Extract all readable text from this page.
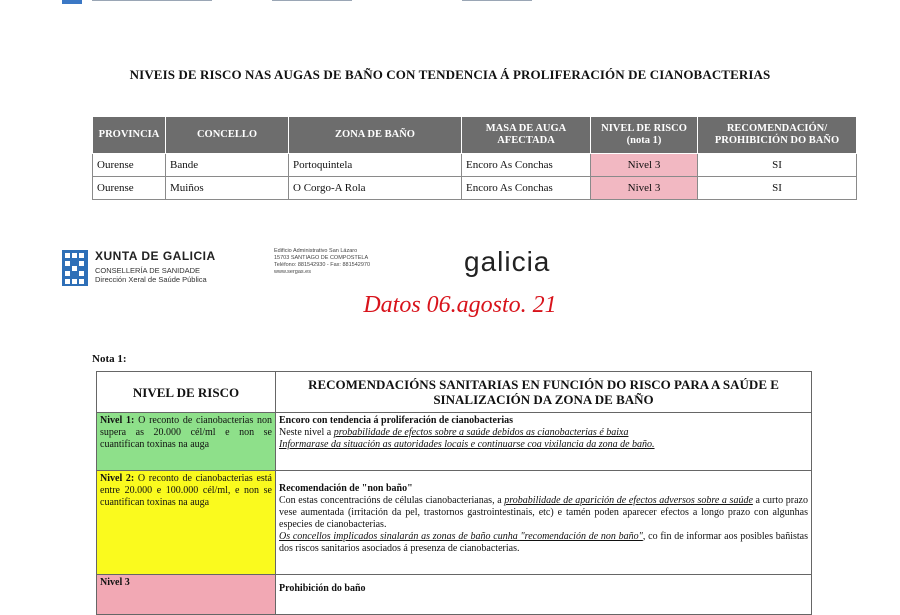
NIVEIS DE RISCO NAS AUGAS DE BAÑO CON TENDENCIA Á PROLIFERACIÓN DE CIANOBACTERIAS
PROVINCIA	CONCELLO	ZONA DE BAÑO	MASA DE AUGA AFECTADA	NIVEL DE RISCO (nota 1)	RECOMENDACIÓN/ PROHIBICIÓN DO BAÑO
Ourense	Bande	Portoquintela	Encoro As Conchas	Nivel 3	SI
Ourense	Muiños	O Corgo-A Rola	Encoro As Conchas	Nivel 3	SI
XUNTA DE GALICIA
CONSELLERÍA DE SANIDADE
Dirección Xeral de Saúde Pública
Edificio Administrativo San Lázaro
15703 SANTIAGO DE COMPOSTELA
Teléfono: 881542930 - Fax: 881542970
www.sergas.es	galicia
Datos 06.agosto. 21
Nota 1:
NIVEL DE RISCO	RECOMENDACIÓNS SANITARIAS EN FUNCIÓN DO RISCO PARA A SAÚDE E SINALIZACIÓN DA ZONA DE BAÑO
Nivel 1: O reconto de cianobacterias non supera as 20.000 cél/ml e non se cuantifican toxinas na auga	Encoro con tendencia á proliferación de cianobacterias
Neste nivel a probabilidade de efectos sobre a saúde debidos as cianobacterias é baixa
Informarase da situación as autoridades locais e continuarse coa vixilancia da zona de baño.
Nivel 2: O reconto de cianobacterias está entre 20.000 e 100.000 cél/ml, e non se cuantifican toxinas na auga	Recomendación de "non baño"
Con estas concentracións de células cianobacterianas, a probabilidade de aparición de efectos adversos sobre a saúde a curto prazo vese aumentada (irritación da pel, trastornos gastrointestinais, etc) e tamén poden aparecer efectos a longo prazo con algunhas especies de cianobacterias.
Os concellos implicados sinalarán as zonas de baño cunha "recomendación de non baño", co fin de informar aos posibles bañistas dos riscos sanitarios asociados á presenza de cianobacterias.
Nivel 3	Prohibición do baño
